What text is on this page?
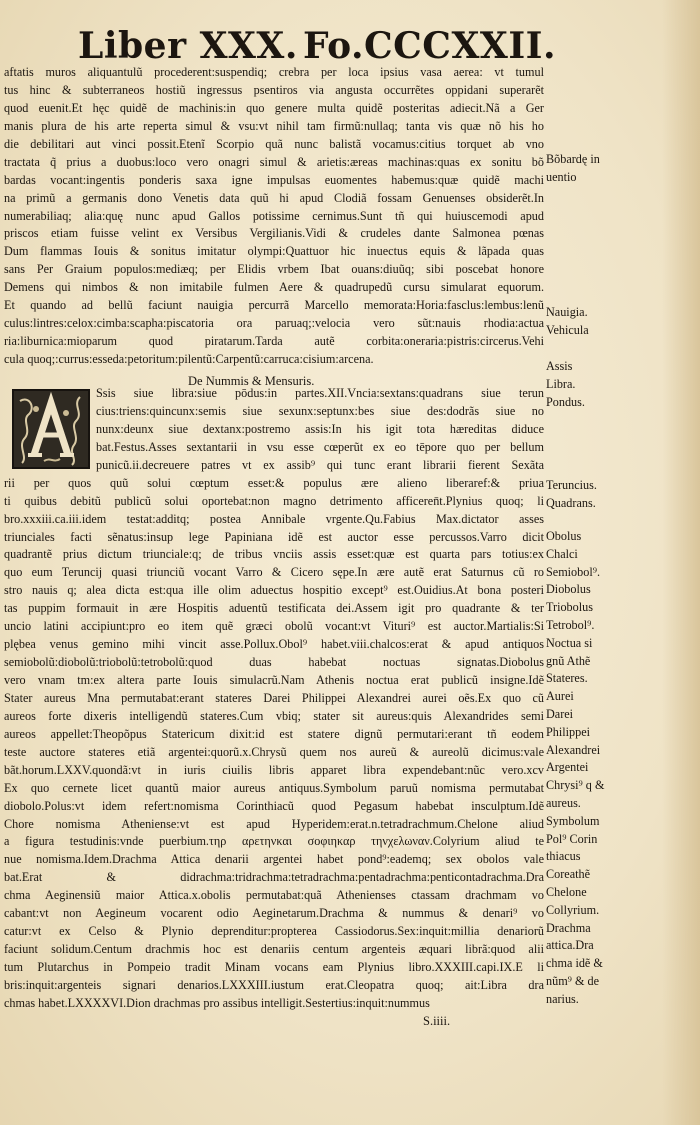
Liber XXX. Fo.CCCXXII.
aftatis muros aliquantulũ procederent:suspendiq; crebra per loca ipsius vasa aerea: vt tumul
tus hinc & subterraneos hostiũ ingressus psentiros via angusta occurrẽtes oppidani superarẽt
quod euenit.Et hęc quidẽ de machinis:in quo genere multa quidẽ posteritas adiecit.Nã a Ger
manis plura de his arte reperta simul & vsu:vt nihil tam firmũ:nullaq; tanta vis quæ nõ his ho
die debilitari aut vinci possit.Etenĩ Scorpio quã nunc balistã vocamus:citius torquet ab vno
tractata q̃ prius a duobus:loco vero onagri simul & arietis:æreas machinas:quas ex sonitu bõ
bardas vocant:ingentis ponderis saxa igne impulsas euomentes habemus:quæ quidẽ machi
na primũ a germanis dono Venetis data quũ hi apud Clodiã fossam Genuenses obsiderẽt.In
numerabiliaq; alia:quę nunc apud Gallos potissime cernimus.Sunt tñ qui huiuscemodi apud
priscos etiam fuisse velint ex Versibus Vergilianis.Vidi & crudeles dante Salmonea pœnas
Dum flammas Iouis & sonitus imitatur olympi:Quattuor hic inuectus equis & lãpada quas
sans Per Graium populos:mediæq; per Elidis vrbem Ibat ouans:diuũq; sibi poscebat honore
Demens qui nimbos & non imitabile fulmen Aere & quadrupedũ cursu simularat equorum.
Et quando ad bellũ faciunt nauigia percurrã Marcello memorata:Horia:fasclus:lembus:lenũ
culus:lintres:celox:cimba:scapha:piscatoria ora paruaq;:velocia vero sũt:nauis rhodia:actua
ria:liburnica:mioparum quod piratarum.Tarda autẽ corbita:oneraria:pistris:circerus.Vehi
cula quoq;:currus:esseda:petoritum:pilentũ:Carpentũ:carruca:cisium:arcena.
De Nummis & Mensuris.
Ssis siue libra:siue pōdus:in partes.XII.Vncia:sextans:quadrans siue terun
cius:triens:quincunx:semis siue sexunx:septunx:bes siue des:dodrãs siue no
nunx:deunx siue dextanx:postremo assis:In his igit tota hæreditas diduce
bat.Festus.Asses sextantarii in vsu esse cœperũt ex eo tēpore quo per bellum
punicũ.ii.decreuere patres vt ex assib⁹ qui tunc erant librarii fierent Sexãta
rii per quos quũ solui cœptum esset:& populus ære alieno liberaref:& priua
ti quibus debitũ publicũ solui oportebat:non magno detrimento afficeren̄t.Plynius quoq; li
bro.xxxiii.ca.iii.idem testat:additq; postea Annibale vrgente.Qu.Fabius Max.dictator asses
triunciales facti sẽnatus:insup lege Papiniana idẽ est auctor esse percussos.Varro dicit
quadrantẽ prius dictum triunciale:q; de tribus vnciis assis esset:quæ est quarta pars totius:ex
quo eum Teruncij quasi triunciũ vocant Varro & Cicero sępe.In ære autẽ erat Saturnus cũ ro
stro nauis q; alea dicta est:qua ille olim aduectus hospitio except⁹ est.Ouidius.At bona posteri
tas puppim formauit in ære Hospitis aduentũ testificata dei.Assem igit pro quadrante & ter
uncio latini accipiunt:pro eo item quẽ græci obolũ vocant:vt Vituri⁹ est auctor.Martialis:Si
plębea venus gemino mihi vincit asse.Pollux.Obol⁹ habet.viii.chalcos:erat & apud antiquos
semiobolũ:diobolũ:triobolũ:tetrobolũ:quod duas habebat noctuas signatas.Diobolus
vero vnam tm:ex altera parte Iouis simulacrũ.Nam Athenis noctua erat publicũ insigne.Idẽ
Stater aureus Mna permutabat:erant stateres Darei Philippei Alexandrei aurei oẽs.Ex quo cũ
aureos forte dixeris intelligendũ stateres.Cum vbiq; stater sit aureus:quis Alexandrides semi
aureos appellet:Theopõpus Statericum dixit:id est statere dignũ permutari:erant tñ eodem
teste auctore stateres etiã argentei:quorũ.x.Chrysũ quem nos aureũ & aureolũ dicimus:vale
bãt.horum.LXXV.quondã:vt in iuris ciuilis libris apparet libra expendebant:nũc vero.xcv
Ex quo cernete licet quantũ maior aureus antiquus.Symbolum paruũ nomisma permutabat
diobolo.Polus:vt idem refert:nomisma Corinthiacũ quod Pegasum habebat insculptum.Idẽ
Chore nomisma Atheniense:vt est apud Hyperidem:erat.n.tetradrachmum.Chelone aliud
a figura testudinis:vnde puerbium.τηρ αρετηνκαι σοφιηκαρ τηνχελωναν.Colyrium aliud te
nue nomisma.Idem.Drachma Attica denarii argentei habet pond⁹:eademq; sex obolos vale
bat.Erat & didrachma:tridrachma:tetradrachma:pentadrachma:penticontadrachma.Dra
chma Aeginensiũ maior Attica.x.obolis permutabat:quã Athenienses ctassam drachmam vo
cabant:vt non Aegineum vocarent odio Aeginetarum.Drachma & nummus & denari⁹ vo
catur:vt ex Celso & Plynio deprenditur:propterea Cassiodorus.Sex:inquit:millia denariorũ
faciunt solidum.Centum drachmis hoc est denariis centum argenteis æquari librã:quod alii
tum Plutarchus in Pompeio tradit Minam vocans eam Plynius libro.XXXIII.capi.IX.E li
bris:inquit:argenteis signari denarios.LXXXIII.iustum erat.Cleopatra quoq; ait:Libra dra
chmas habet.LXXXXVI.Dion drachmas pro assibus intelligit.Sestertius:inquit:nummus
Bõbardę in
uentio
Nauigia.
Vehicula
Assis
Libra.
Pondus.
Teruncius.
Quadrans.
Obolus
Chalci
Semiobol⁹.
Diobolus
Triobolus
Tetrobol⁹.
Noctua si
gnũ Athẽ
Stateres.
Aurei
Darei
Philippei
Alexandrei
Argentei
Chrysi⁹ q &
aureus.
Symbolum
Pol⁹ Corin
thiacus
Coreathẽ
Chelone
Collyrium.
Drachma
attica.Dra
chma idẽ &
nũm⁹ & de
narius.
S.iiii.
